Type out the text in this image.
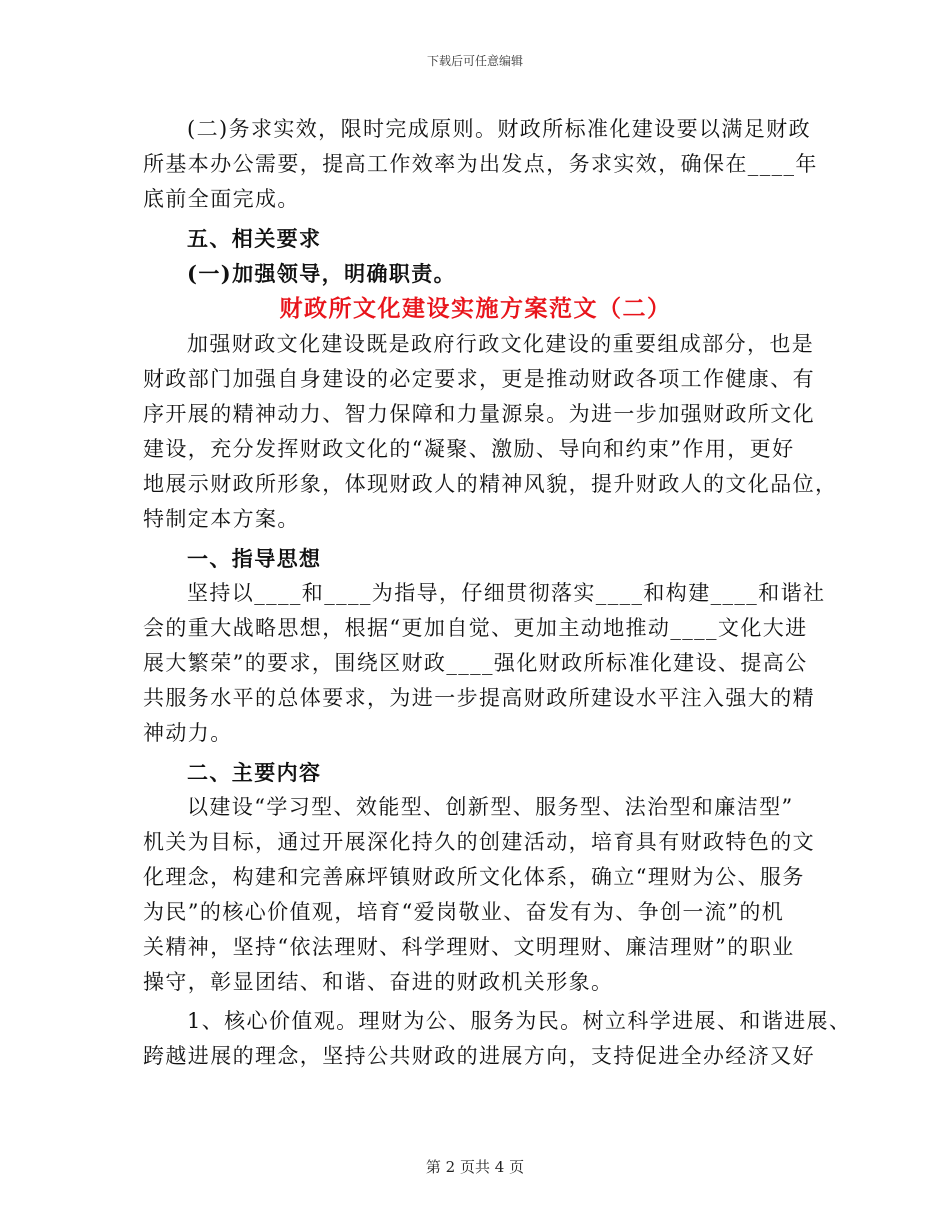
下载后可任意编辑
(二)务求实效，限时完成原则。财政所标准化建设要以满足财政
所基本办公需要，提高工作效率为出发点，务求实效，确保在____年
底前全面完成。
五、相关要求
(一)加强领导，明确职责。
财政所文化建设实施方案范文（二）
加强财政文化建设既是政府行政文化建设的重要组成部分，也是
财政部门加强自身建设的必定要求，更是推动财政各项工作健康、有
序开展的精神动力、智力保障和力量源泉。为进一步加强财政所文化
建设，充分发挥财政文化的“凝聚、激励、导向和约束”作用，更好
地展示财政所形象，体现财政人的精神风貌，提升财政人的文化品位，
特制定本方案。
一、指导思想
坚持以____和____为指导，仔细贯彻落实____和构建____和谐社
会的重大战略思想，根据“更加自觉、更加主动地推动____文化大进
展大繁荣”的要求，围绕区财政____强化财政所标准化建设、提高公
共服务水平的总体要求，为进一步提高财政所建设水平注入强大的精
神动力。
二、主要内容
以建设“学习型、效能型、创新型、服务型、法治型和廉洁型”
机关为目标，通过开展深化持久的创建活动，培育具有财政特色的文
化理念，构建和完善麻坪镇财政所文化体系，确立“理财为公、服务
为民”的核心价值观，培育“爱岗敬业、奋发有为、争创一流”的机
关精神，坚持“依法理财、科学理财、文明理财、廉洁理财”的职业
操守，彰显团结、和谐、奋进的财政机关形象。
1、核心价值观。理财为公、服务为民。树立科学进展、和谐进展、
跨越进展的理念，坚持公共财政的进展方向，支持促进全办经济又好
第 2 页共 4 页
